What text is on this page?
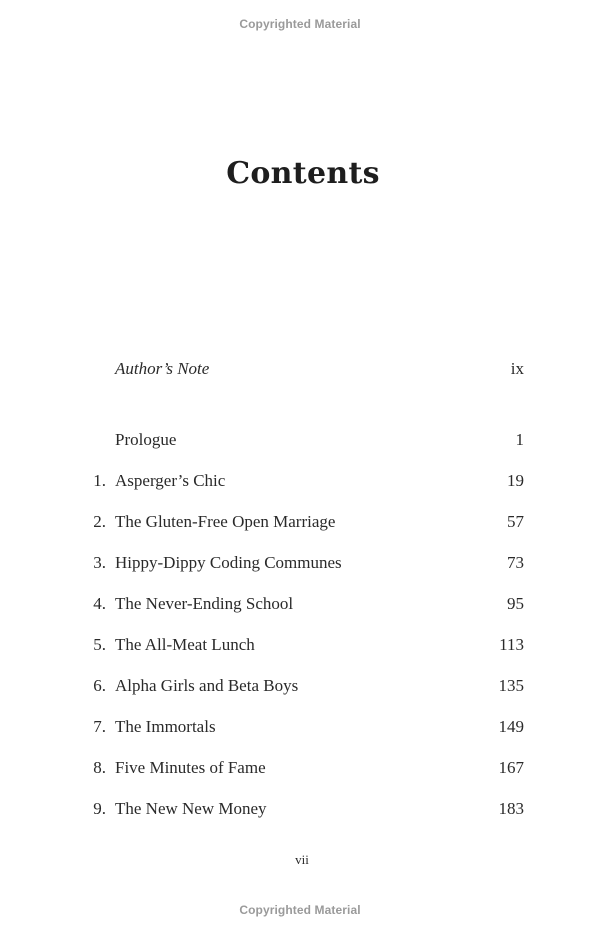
Copyrighted Material
Contents
Author’s Note	ix
Prologue	1
1. Asperger’s Chic	19
2. The Gluten-Free Open Marriage	57
3. Hippy-Dippy Coding Communes	73
4. The Never-Ending School	95
5. The All-Meat Lunch	113
6. Alpha Girls and Beta Boys	135
7. The Immortals	149
8. Five Minutes of Fame	167
9. The New New Money	183
vii
Copyrighted Material
